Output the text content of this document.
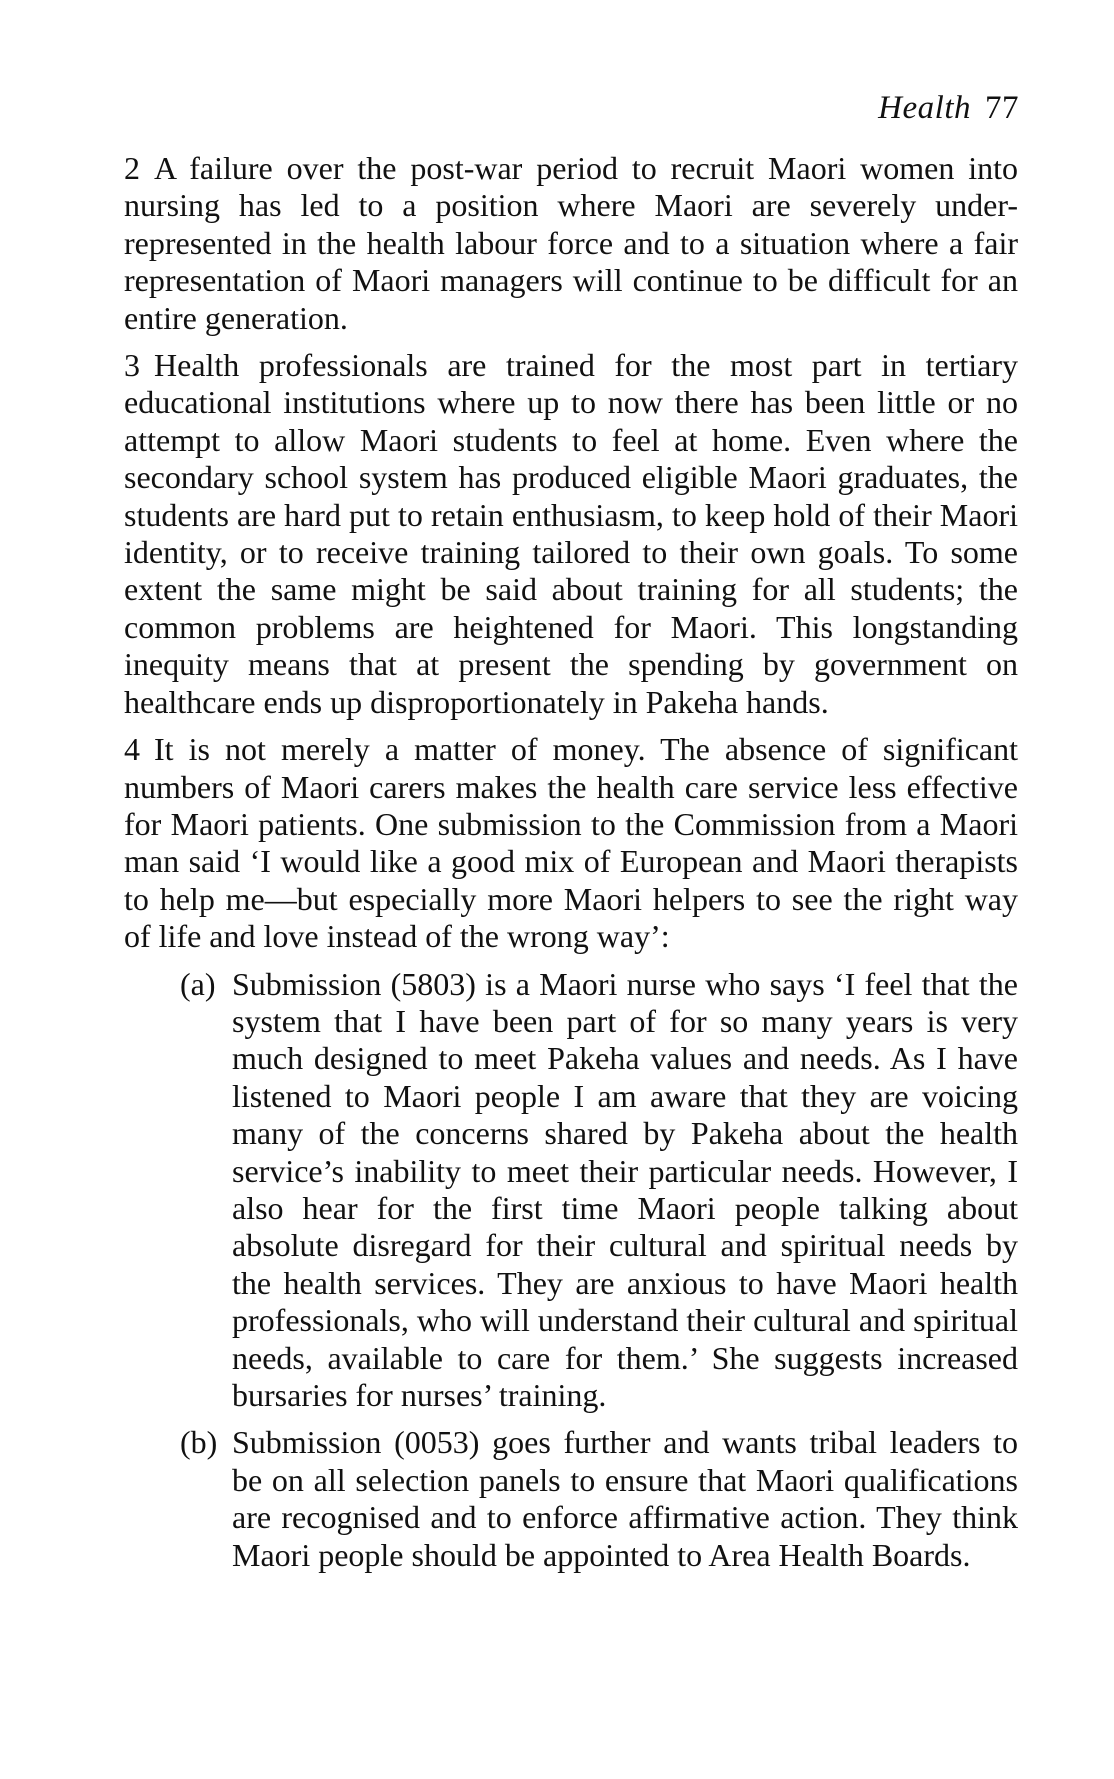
Health 77

2 A failure over the post-war period to recruit Maori women into nursing has led to a position where Maori are severely under-represented in the health labour force and to a situation where a fair representation of Maori managers will continue to be difficult for an entire generation.

3 Health professionals are trained for the most part in tertiary educational institutions where up to now there has been little or no attempt to allow Maori students to feel at home. Even where the secondary school system has produced eligible Maori graduates, the students are hard put to retain enthusiasm, to keep hold of their Maori identity, or to receive training tailored to their own goals. To some extent the same might be said about training for all students; the common problems are heightened for Maori. This longstanding inequity means that at present the spending by government on healthcare ends up disproportionately in Pakeha hands.

4 It is not merely a matter of money. The absence of significant numbers of Maori carers makes the health care service less effective for Maori patients. One submission to the Commission from a Maori man said ‘I would like a good mix of European and Maori therapists to help me—but especially more Maori helpers to see the right way of life and love instead of the wrong way’:

(a) Submission (5803) is a Maori nurse who says ‘I feel that the system that I have been part of for so many years is very much designed to meet Pakeha values and needs. As I have listened to Maori people I am aware that they are voicing many of the concerns shared by Pakeha about the health service’s inability to meet their particular needs. However, I also hear for the first time Maori people talking about absolute disregard for their cultural and spiritual needs by the health services. They are anxious to have Maori health professionals, who will understand their cultural and spiritual needs, available to care for them.’ She suggests increased bursaries for nurses’ training.

(b) Submission (0053) goes further and wants tribal leaders to be on all selection panels to ensure that Maori qualifications are recognised and to enforce affirmative action. They think Maori people should be appointed to Area Health Boards.
